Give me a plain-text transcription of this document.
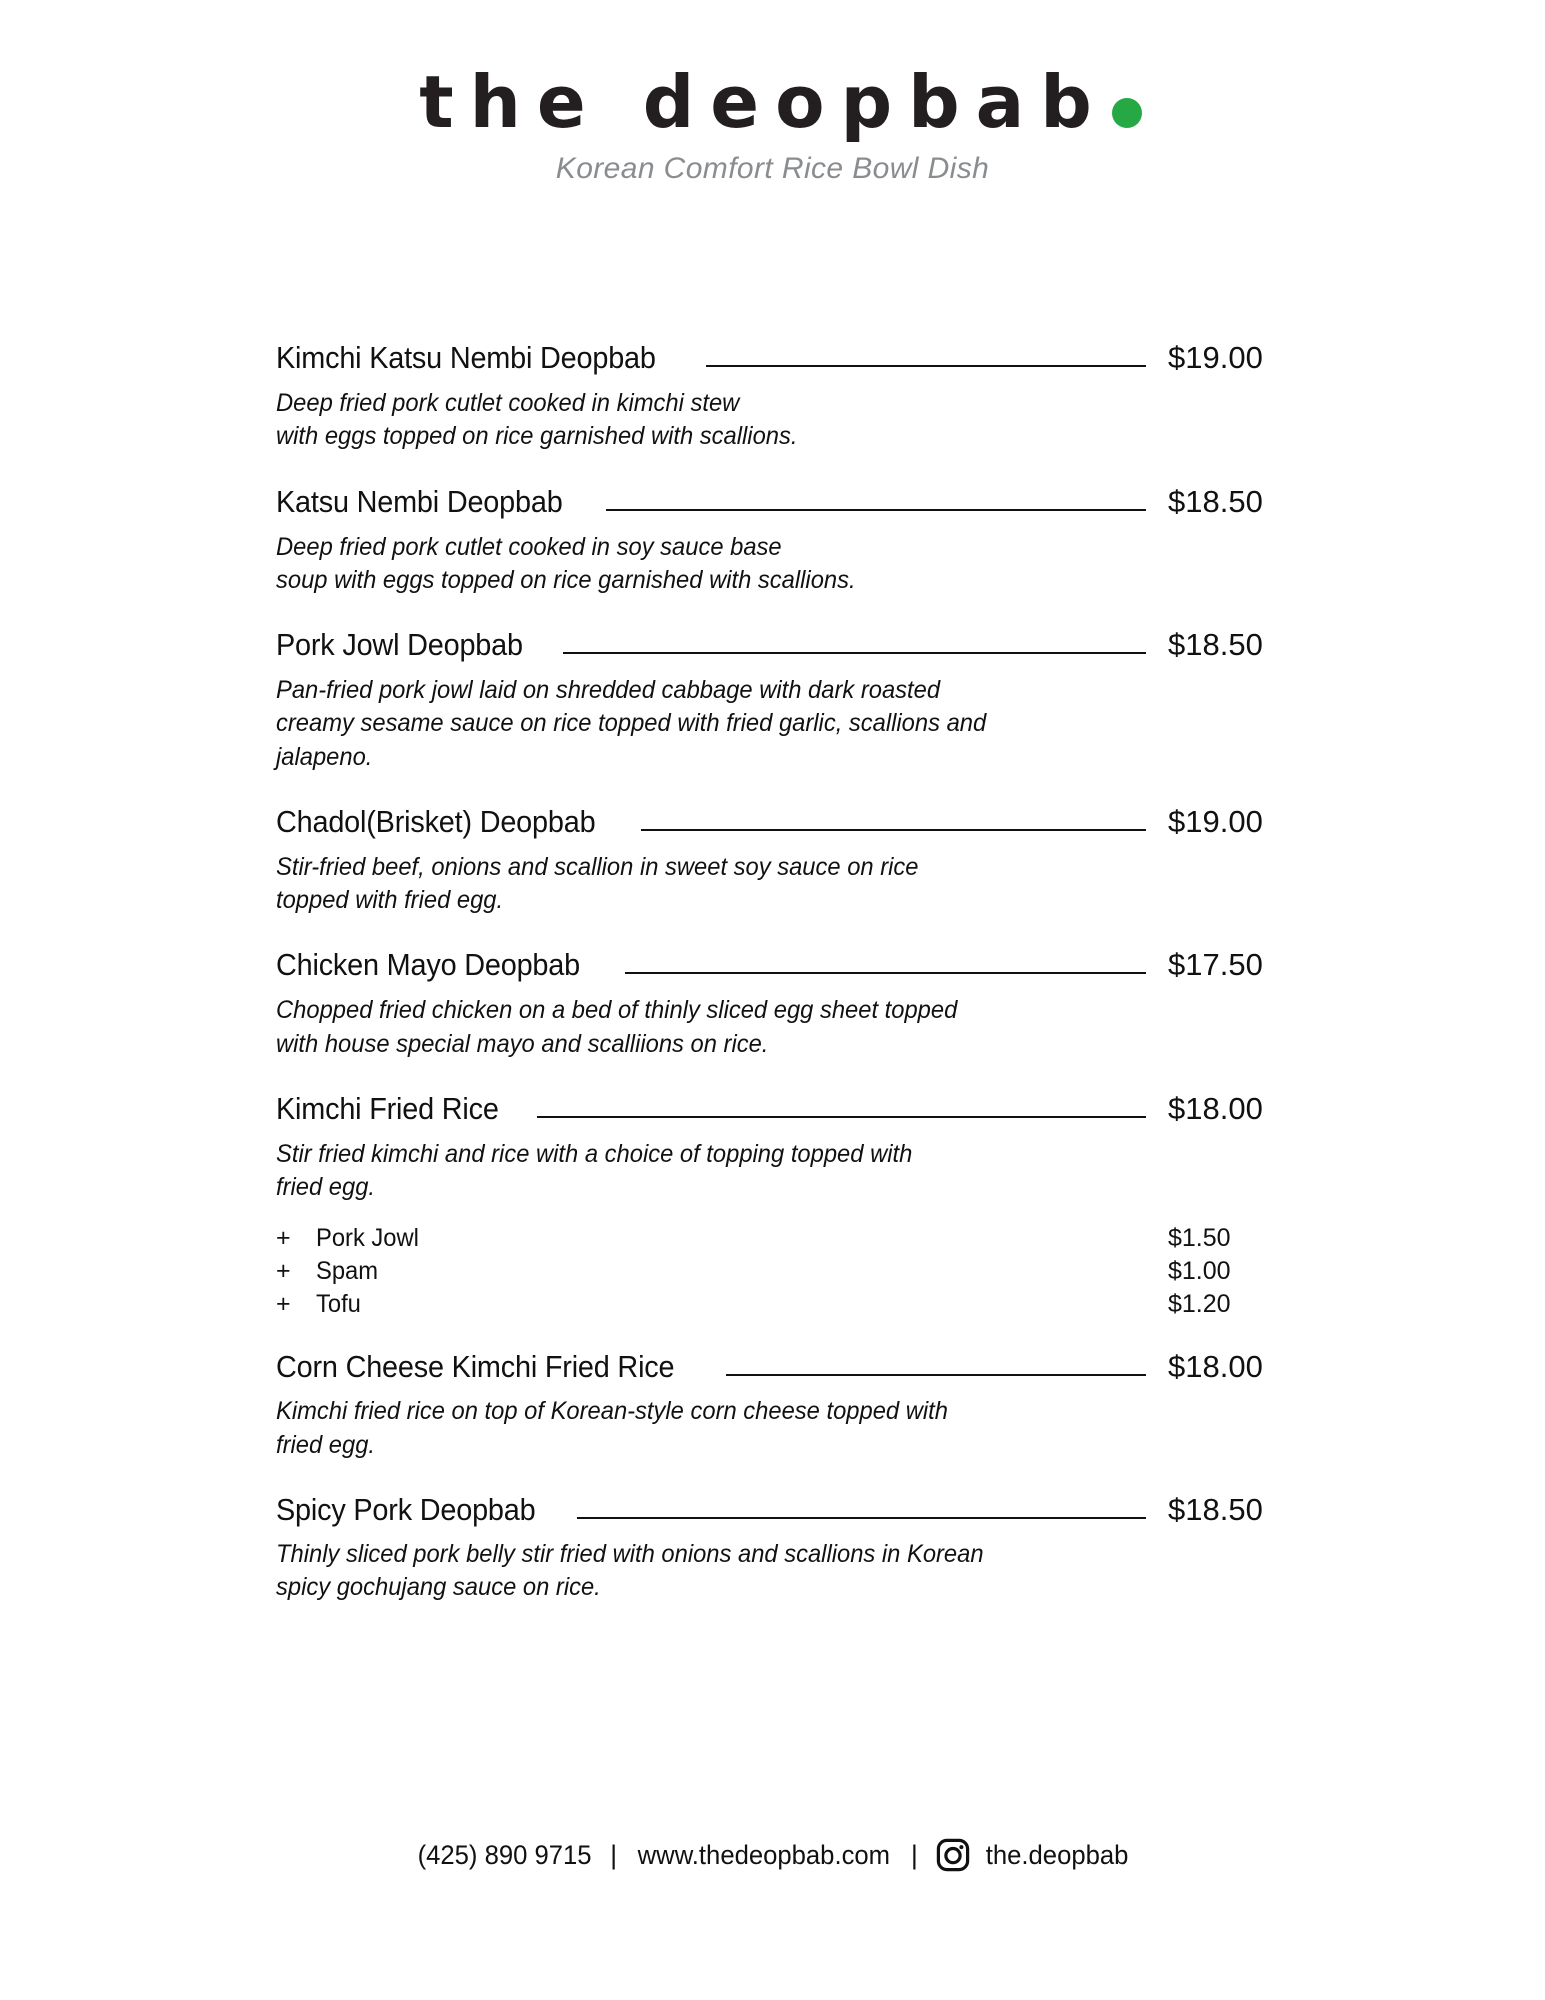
the deopbab
Korean Comfort Rice Bowl Dish
Kimchi Katsu Nembi Deopbab	$19.00
Deep fried pork cutlet cooked in kimchi stew
with eggs topped on rice garnished with scallions.
Katsu Nembi Deopbab	$18.50
Deep fried pork cutlet cooked in soy sauce base
soup with eggs topped on rice garnished with scallions.
Pork Jowl Deopbab	$18.50
Pan-fried pork jowl laid on shredded cabbage with dark roasted
creamy sesame sauce on rice topped with fried garlic, scallions and
jalapeno.
Chadol(Brisket) Deopbab	$19.00
Stir-fried beef, onions and scallion in sweet soy sauce on rice
topped with fried egg.
Chicken Mayo Deopbab	$17.50
Chopped fried chicken on a bed of thinly sliced egg sheet topped
with house special mayo and scalliions on rice.
Kimchi Fried Rice	$18.00
Stir fried kimchi and rice with a choice of topping topped with
fried egg.
+	Pork Jowl	$1.50
+	Spam	$1.00
+	Tofu	$1.20
Corn Cheese Kimchi Fried Rice	$18.00
Kimchi fried rice on top of Korean-style corn cheese topped with
fried egg.
Spicy Pork Deopbab	$18.50
Thinly sliced pork belly stir fried with onions and scallions in Korean
spicy gochujang sauce on rice.
(425) 890 9715 | www.thedeopbab.com |	the.deopbab
